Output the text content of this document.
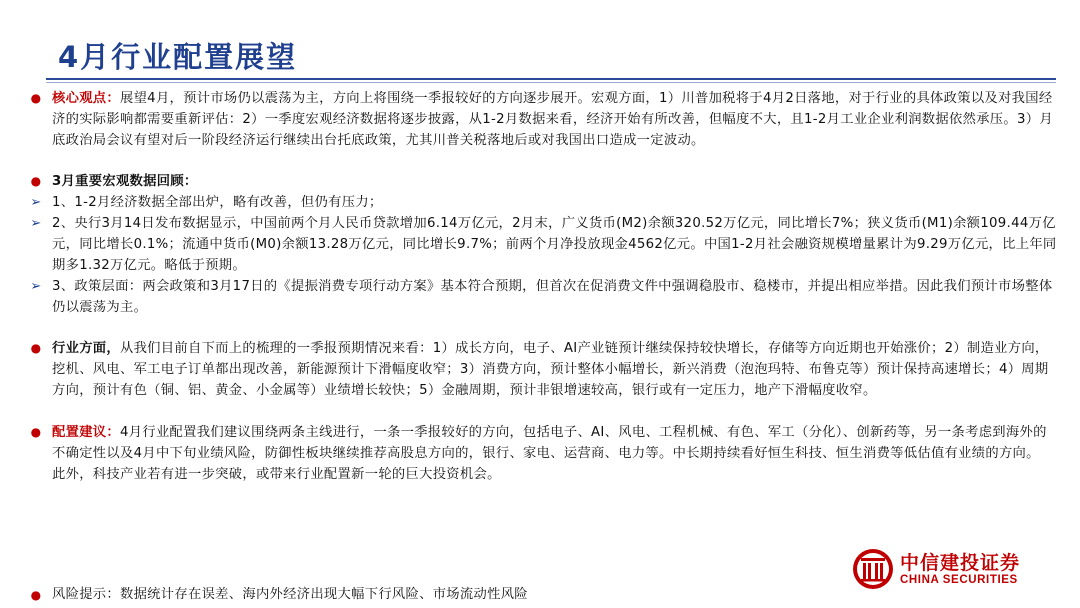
4月行业配置展望
● 核心观点：展望4月，预计市场仍以震荡为主，方向上将围绕一季报较好的方向逐步展开。宏观方面，1）川普加税将于4月2日落地，对于行业的具体政策以及对我国经济的实际影响都需要重新评估：2）一季度宏观经济数据将逐步披露，从1-2月数据来看，经济开始有所改善，但幅度不大，且1-2月工业企业利润数据依然承压。3）月底政治局会议有望对后一阶段经济运行继续出台托底政策，尤其川普关税落地后或对我国出口造成一定波动。
● 3月重要宏观数据回顾：
➢ 1、1-2月经济数据全部出炉，略有改善，但仍有压力；
➢ 2、央行3月14日发布数据显示，中国前两个月人民币贷款增加6.14万亿元，2月末，广义货币(M2)余额320.52万亿元，同比增长7%；狭义货币(M1)余额109.44万亿元，同比增长0.1%；流通中货币(M0)余额13.28万亿元，同比增长9.7%；前两个月净投放现金4562亿元。中国1-2月社会融资规模增量累计为9.29万亿元，比上年同期多1.32万亿元。略低于预期。
➢ 3、政策层面：两会政策和3月17日的《提振消费专项行动方案》基本符合预期，但首次在促消费文件中强调稳股市、稳楼市，并提出相应举措。因此我们预计市场整体仍以震荡为主。
● 行业方面，从我们目前自下而上的梳理的一季报预期情况来看：1）成长方向，电子、AI产业链预计继续保持较快增长，存储等方向近期也开始涨价；2）制造业方向，挖机、风电、军工电子订单都出现改善，新能源预计下滑幅度收窄；3）消费方向，预计整体小幅增长，新兴消费（泡泡玛特、布鲁克等）预计保持高速增长；4）周期方向，预计有色（铜、铝、黄金、小金属等）业绩增长较快；5）金融周期，预计非银增速较高，银行或有一定压力，地产下滑幅度收窄。
● 配置建议：4月行业配置我们建议围绕两条主线进行，一条一季报较好的方向，包括电子、AI、风电、工程机械、有色、军工（分化）、创新药等，另一条考虑到海外的不确定性以及4月中下旬业绩风险，防御性板块继续推荐高股息方向的，银行、家电、运营商、电力等。中长期持续看好恒生科技、恒生消费等低估值有业绩的方向。此外，科技产业若有进一步突破，或带来行业配置新一轮的巨大投资机会。
● 风险提示：数据统计存在误差、海内外经济出现大幅下行风险、市场流动性风险
中信建投证券
CHINA SECURITIES
